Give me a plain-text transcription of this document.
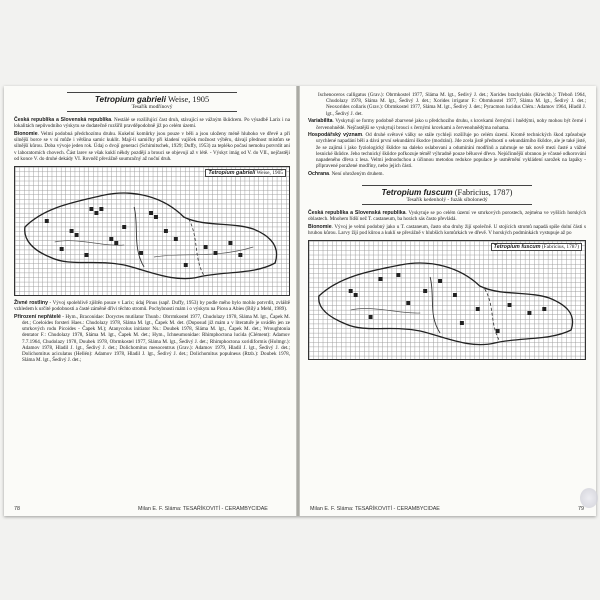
Tetropium gabrieli Weise, 1905
Tesařík modřínový

Česká republika a Slovenská republika. Nestálé se rozšiřující čast druh, stávající se vážným škůdcem. Po výsadbě Larix i na lokalitách nepůvodního výskytu se dodatečně rozšířil pravděpodobně již po celém území.

Bionomie. Velmi podobná předchozímu druhu. Kukelní komůrky jsou pouze v běli a jsou uloženy méně hluboko ve dřevě a při silnější borce se v ní může i většina samic kuklit. Mají-li samičky při kladení vajíček možnost výběru, dávají přednost místům se silnější kůrou. Doba vývoje jeden rok. Údaj o dvojí generaci (Schimitschek, 1929; Duffy, 1953) za tepléko počasí nemohu potvrdit ani v laboratorních chovech. Část larev se však kuklí někdy později a brouci se objevují až v létě. - Výskyt imág od V. do VII., nejčastěji od konce V. do druhé dekády VI. Rovněž převážně soumračný až noční druh.

Tetropium gabrieli Weise, 1905

Živné rostliny - Vývoj spolehlivě zjištěn pouze v Larix; údaj Pinus (sapř. Duffy, 1953) by podle mého bylo mohlo potvrdit, zvláště vzhledem k určité podobnosti a časté záměně dřívi těchto stromů. Pochybnosti mám i o výskytu na Picea a Abies (Bílý a Mehl, 1989).

Přirození nepřátelé - Hym., Braconidae: Doryctes mutilator Thunb.: Obrrmkostel 1977, Chudolazy 1978, Sláma M. lgt., Čapek M. det.; Coeloides forsteri Haes.: Chudolazy 1978, Sláma M. lgt., Čapek M. det. (Doposud již mám a v literatuře je uváděn jen ze smrkových rodu Picoides - Čapek M.); Atanycolus initiator Ns.: Doubek 1978, Sláma M. lgt., Čapek M. det.; Wroughtonia dentator F.: Chudolazy 1978, Sláma M. lgt., Čapek M. det.; Hym., Ichneumonidae: Rhimphoctona lucida (Clément): Adamov 7.7.1964, Chudolazy 1978, Doubek 1978, Obrmkostel 1977, Sláma M. lgt., Šedivý J. det.; Rhimphoctona xoridiformis (Holmgr.): Adamov 1978, Hladil J. lgt., Šedivý J. det.; Dolichomitus mesocentrus (Grav.): Adamov 1979, Hladil J. lgt., Šedivý J. det.; Dolichomitus aciculatus (Hellén): Adamov 1978, Hladil J. lgt., Šedivý J. det.; Dolichomitus populneus (Rtzb.): Doubek 1978, Sláma M. lgt., Šedivý J. det.;

78	Milan E. F. Sláma: TESAŘÍKOVITÍ - CERAMBYCIDAE

Ischenoceros calligatus (Grav.): Obrmkostel 1977, Sláma M. lgt., Šedivý J. det.; Xorides brachylabis (Kriechb.): Třeboň 1964, Chudolazy 1978, Sláma M. lgt., Šedivý J. det.; Xorides irrigator F.: Obrmkostel 1977, Sláma M. lgt., Šedivý J. det.; Neoxorides collaris (Grav.): Obrmkostel 1977, Sláma M. lgt., Šedivý J. det.; Pyracmon lucidus Clém.: Adamov 1964, Hladil J. lgt., Šedivý J. det.

Variabilita. Vyskytují se formy podobně zbarvené jako u předchozího druhu, s krovkami černými i hnědými, nohy mohou být černé i červenohnědé. Nejčastější se vyskytují brouci s černými krovkami a červenohnědýma nohama.

Hospodářský význam. Od druhé světové války se stále rychleji rozšiřuje po celém území. Kromě technických škod způsobuje urychlené napadání běli a dává první sekundární škodce (modrání). Jde zcela jistě předností o sekundárního škůdce, ale je také jisté, že se zajímá i jako fyziologický škůdce na daleko oslabovaní a odumírání modřínů a zahrnuje se tak nově mezi časté a vážné lesnické škůdce. Jeho technický škůdce pofkozuje téměř výhradně pouze běluové dřevo. Nejúčinnější obranou je včasné odkorování napadeného dřeva z lesa. Velmi jednoduchou a účinnou metodou redukce populace je usměrnění vykládení sarožek na lapáky - připravené poražené modříny, nebo jejich části.

Ochrana. Není ohroženým druhem.

Tetropium fuscum (Fabricius, 1787)
Tesařík kedenholý - fuzák síbolonedý

Česká republika a Slovenská republika. Vyskytuje se po celém území ve smrkových porostech, zejména ve vyšších horských oblastech. Mnohem řídší než T. castaneum, ba horách sás často převládá.

Bionomie. Vývoj je velmi podobný jako u T. castaneum, často oba druhy žijí společně. U stojících stromů napadá spíše dolní části s hrubou kůrou. Larvy žijí pod kůrou a kuklí se převážně v hlubších komůrkách ve dřevě. V horských podmínkách vystupuje až po

Tetropium fuscum (Fabricius, 1787)
Milan E. F. Sláma: TESAŘÍKOVITÍ - CERAMBYCIDAE	79
